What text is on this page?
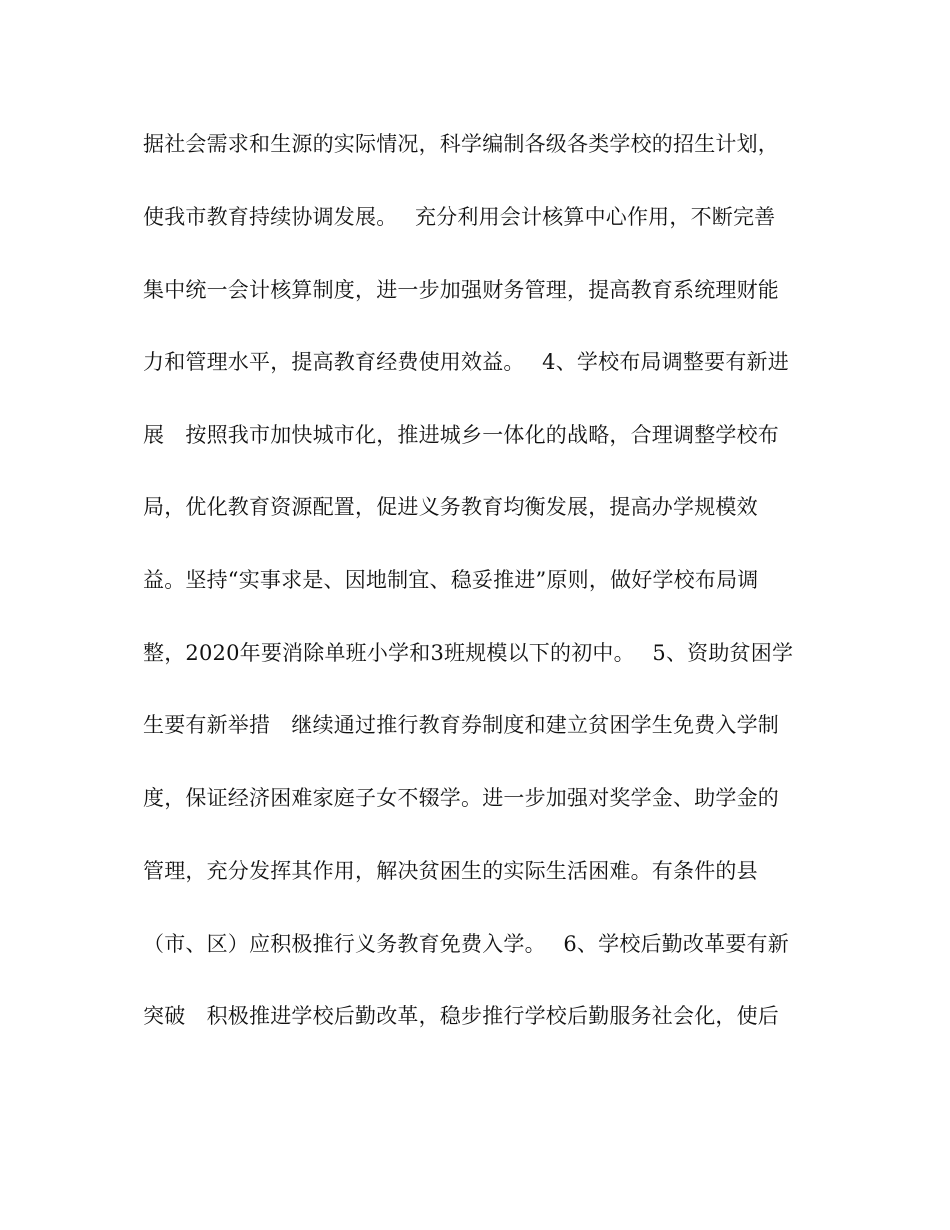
据社会需求和生源的实际情况，科学编制各级各类学校的招生计划，
使我市教育持续协调发展。　 充分利用会计核算中心作用，不断完善
集中统一会计核算制度，进一步加强财务管理，提高教育系统理财能
力和管理水平，提高教育经费使用效益。　 4、学校布局调整要有新进
展　按照我市加快城市化，推进城乡一体化的战略，合理调整学校布
局，优化教育资源配置，促进义务教育均衡发展，提高办学规模效
益。坚持“实事求是、因地制宜、稳妥推进”原则，做好学校布局调
整，2020年要消除单班小学和3班规模以下的初中。　 5、资助贫困学
生要有新举措　继续通过推行教育券制度和建立贫困学生免费入学制
度，保证经济困难家庭子女不辍学。进一步加强对奖学金、助学金的
管理，充分发挥其作用，解决贫困生的实际生活困难。有条件的县
（市、区）应积极推行义务教育免费入学。　 6、学校后勤改革要有新
突破　积极推进学校后勤改革，稳步推行学校后勤服务社会化，使后
